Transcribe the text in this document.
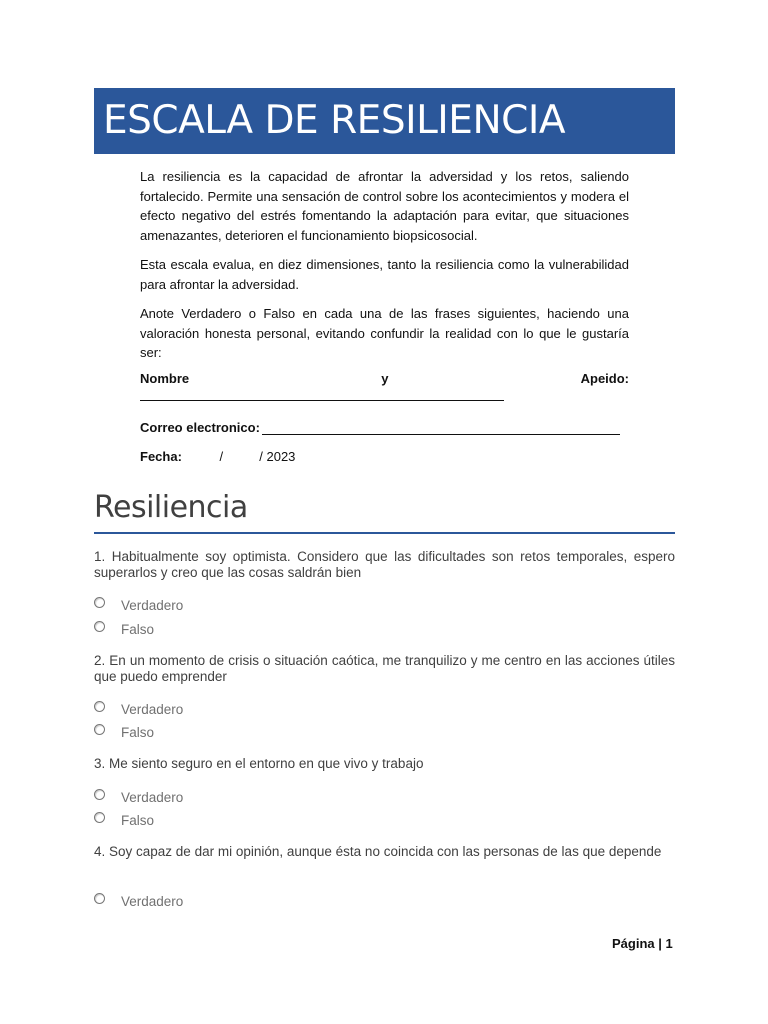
ESCALA DE RESILIENCIA

La resiliencia es la capacidad de afrontar la adversidad y los retos, saliendo fortalecido. Permite una sensación de control sobre los acontecimientos y modera el efecto negativo del estrés fomentando la adaptación para evitar, que situaciones amenazantes, deterioren el funcionamiento biopsicosocial.

Esta escala evalua, en diez dimensiones, tanto la resiliencia como la vulnerabilidad para afrontar la adversidad.

Anote Verdadero o Falso en cada una de las frases siguientes, haciendo una valoración honesta personal, evitando confundir la realidad con lo que le gustaría ser:

Nombre	y	Apeido:
Correo electronico:
Fecha:	/          / 2023
Resiliencia
1. Habitualmente soy optimista. Considero que las dificultades son retos temporales, espero superarlos y creo que las cosas saldrán bien
Verdadero
Falso
2. En un momento de crisis o situación caótica, me tranquilizo y me centro en las acciones útiles que puedo emprender
Verdadero
Falso
3. Me siento seguro en el entorno en que vivo y trabajo
Verdadero
Falso
4. Soy capaz de dar mi opinión, aunque ésta no coincida con las personas de las que depende
Verdadero
Página | 1
